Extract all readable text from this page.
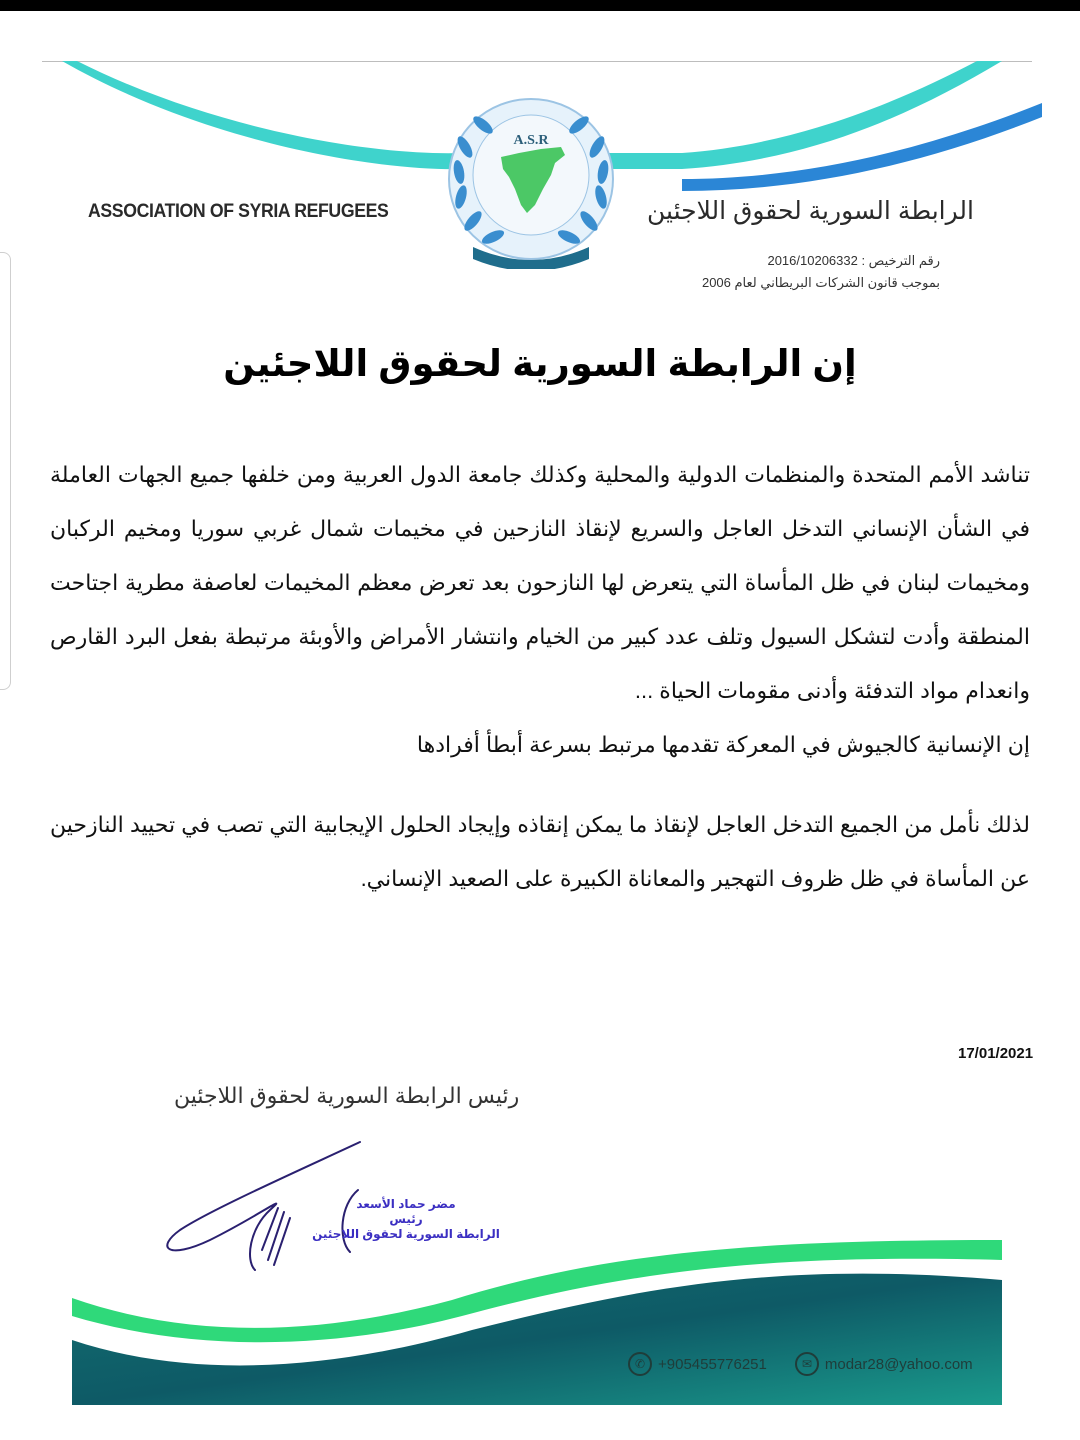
A.S.R
ASSOCIATION OF SYRIA REFUGEES	الرابطة السورية لحقوق اللاجئين
رقم الترخيص : 2016/10206332
بموجب قانون الشركات البريطاني لعام 2006
إن الرابطة السورية لحقوق اللاجئين

تناشد الأمم المتحدة والمنظمات الدولية والمحلية وكذلك جامعة الدول العربية ومن خلفها جميع الجهات العاملة في الشأن الإنساني التدخل العاجل والسريع لإنقاذ النازحين في مخيمات شمال غربي سوريا ومخيم الركبان ومخيمات لبنان في ظل المأساة التي يتعرض لها النازحون بعد تعرض معظم المخيمات لعاصفة مطرية اجتاحت المنطقة وأدت لتشكل السيول وتلف عدد كبير من الخيام وانتشار الأمراض والأوبئة مرتبطة بفعل البرد القارص وانعدام مواد التدفئة وأدنى مقومات الحياة ...

إن الإنسانية كالجيوش في المعركة تقدمها مرتبط بسرعة أبطأ أفرادها

لذلك نأمل من الجميع التدخل العاجل لإنقاذ ما يمكن إنقاذه وإيجاد الحلول الإيجابية التي تصب في تحييد النازحين عن المأساة في ظل ظروف التهجير والمعاناة الكبيرة على الصعيد الإنساني.

17/01/2021
رئيس الرابطة السورية لحقوق اللاجئين
مضر حماد الأسعد
رئيس
الرابطة السورية لحقوق اللاجئين
✆ +905455776251	✉ modar28@yahoo.com
